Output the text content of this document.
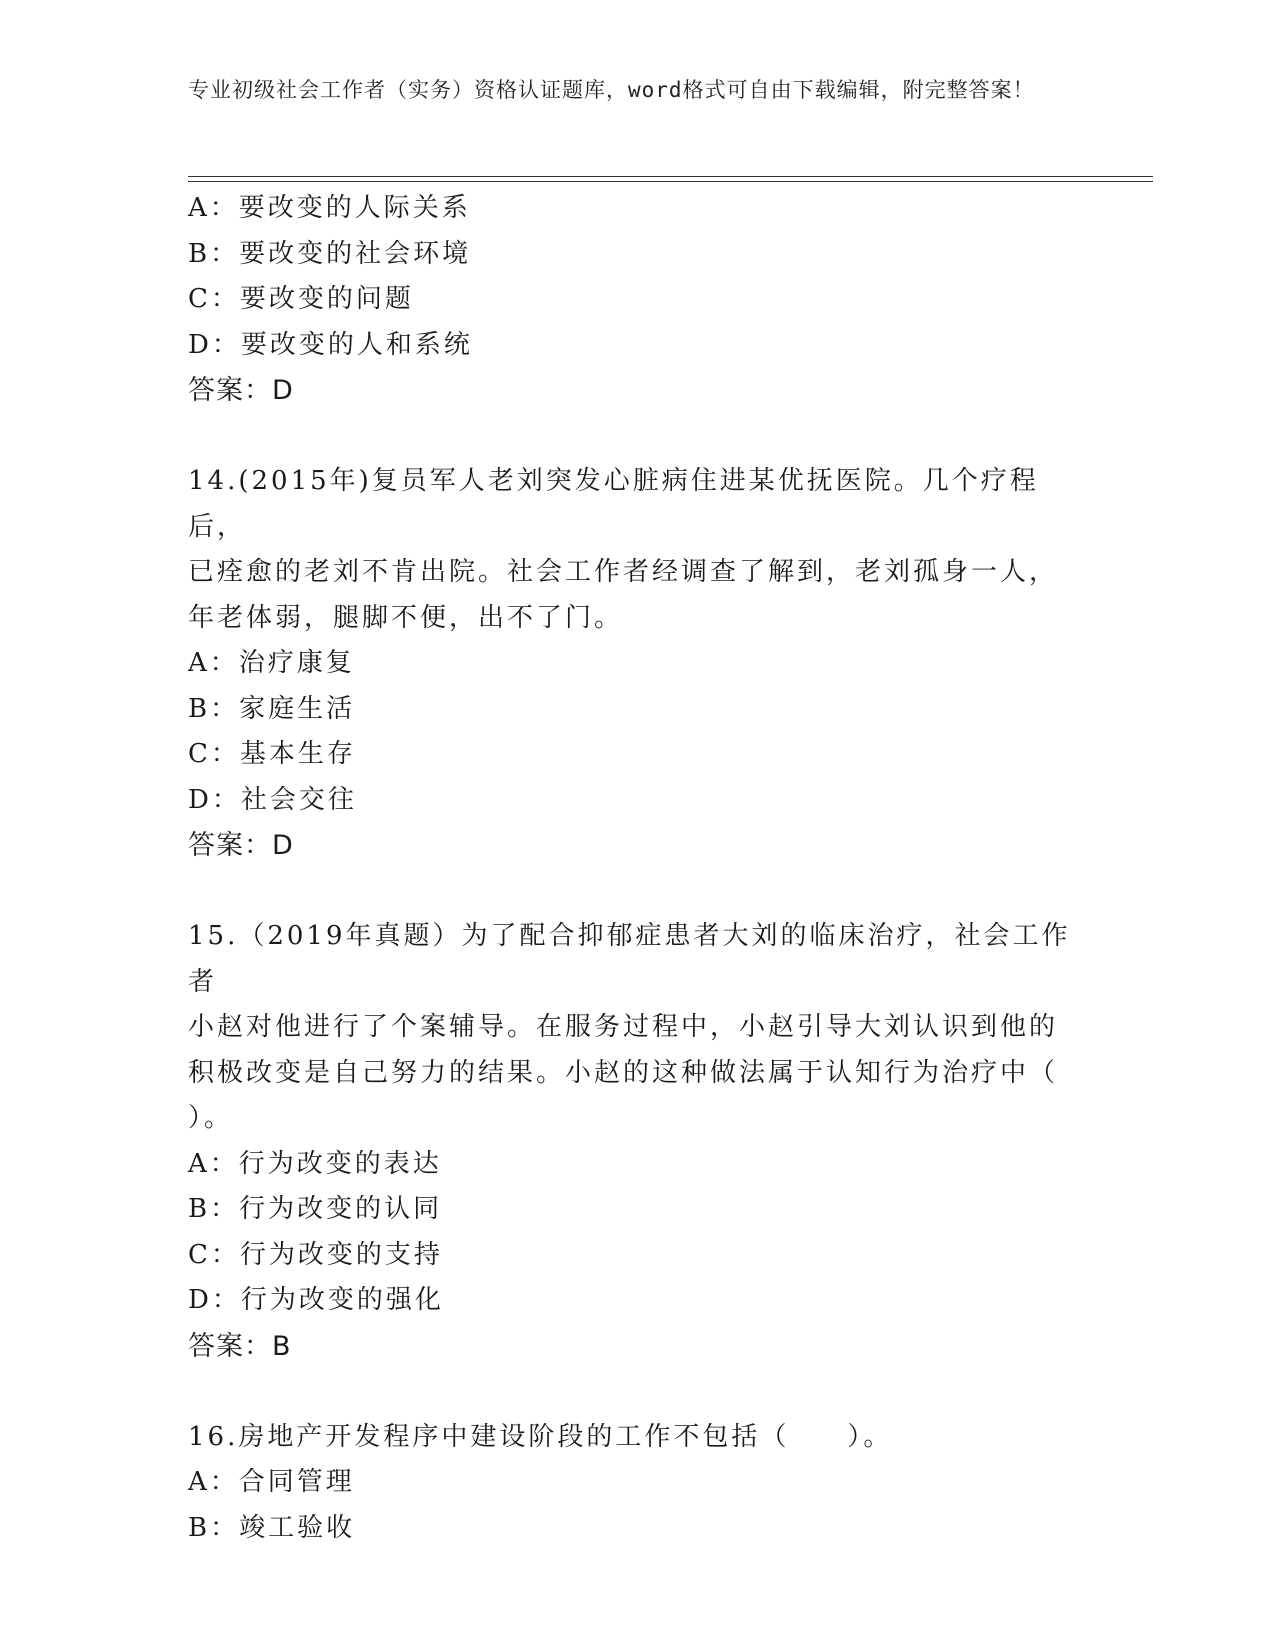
专业初级社会工作者（实务）资格认证题库，word格式可自由下载编辑，附完整答案！
A：要改变的人际关系
B：要改变的社会环境
C：要改变的问题
D：要改变的人和系统
答案：D
14.(2015年)复员军人老刘突发心脏病住进某优抚医院。几个疗程后，
已痊愈的老刘不肯出院。社会工作者经调查了解到，老刘孤身一人，
年老体弱，腿脚不便，出不了门。
A：治疗康复
B：家庭生活
C：基本生存
D：社会交往
答案：D
15.（2019年真题）为了配合抑郁症患者大刘的临床治疗，社会工作者
小赵对他进行了个案辅导。在服务过程中，小赵引导大刘认识到他的
积极改变是自己努力的结果。小赵的这种做法属于认知行为治疗中（
）。
A：行为改变的表达
B：行为改变的认同
C：行为改变的支持
D：行为改变的强化
答案：B
16.房地产开发程序中建设阶段的工作不包括（　　）。
A：合同管理
B：竣工验收
